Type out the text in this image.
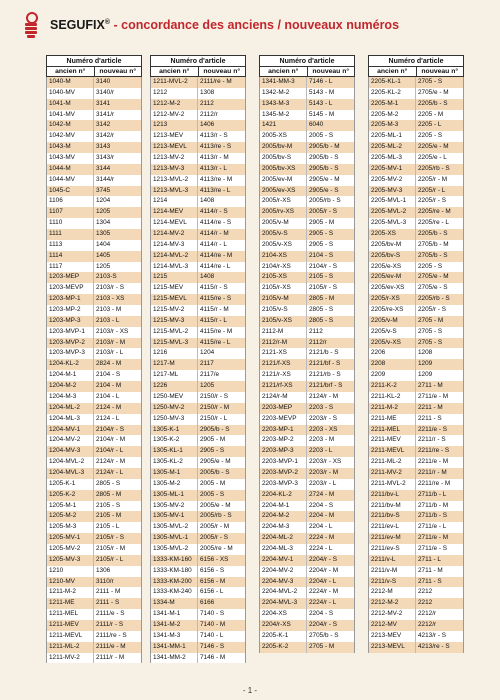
SEGUFIX® - concordance des anciens / nouveaux numéros
Numéro d'article
ancien n°	nouveau n°
1040-M	3140
1040-MV	3140/r
1041-M	3141
1041-MV	3141/r
1042-M	3142
1042-MV	3142/r
1043-M	3143
1043-MV	3143/r
1044-M	3144
1044-MV	3144/r
1045-C	3745
1106	1204
1107	1205
1110	1304
1111	1305
1113	1404
1114	1405
1117	1205
1203-MEP	2103-S
1203-MEVP	2103/r - S
1203-MP-1	2103 - XS
1203-MP-2	2103 - M
1203-MP-3	2103 - L
1203-MVP-1	2103/r - XS
1203-MVP-2	2103/r - M
1203-MVP-3	2103/r - L
1204-KL-2	2824 - M
1204-M-1	2104 - S
1204-M-2	2104 - M
1204-M-3	2104 - L
1204-ML-2	2124 - M
1204-ML-3	2124 - L
1204-MV-1	2104/r - S
1204-MV-2	2104/r - M
1204-MV-3	2104/r - L
1204-MVL-2	2124/r - M
1204-MVL-3	2124/r - L
1205-K-1	2805 - S
1205-K-2	2805 - M
1205-M-1	2105 - S
1205-M-2	2105 - M
1205-M-3	2105 - L
1205-MV-1	2105/r - S
1205-MV-2	2105/r - M
1205-MV-3	2105/r - L
1210	1306
1210-MV	3110/r
1211-M-2	2111 - M
1211-ME	2111 - S
1211-MEL	2111/e - S
1211-MEV	2111/r - S
1211-MEVL	2111/re - S
1211-ML-2	2111/e - M
1211-MV-2	2111/r - M
Numéro d'article
ancien n°	nouveau n°
1211-MVL-2	2111/re - M
1212	1308
1212-M-2	2112
1212-MV-2	2112/r
1213	1406
1213-MEV	4113/r - S
1213-MEVL	4113/re - S
1213-MV-2	4113/r - M
1213-MV-3	4113/r - L
1213-MVL-2	4113/re - M
1213-MVL-3	4113/re - L
1214	1408
1214-MEV	4114/r - S
1214-MEVL	4114/re - S
1214-MV-2	4114/r - M
1214-MV-3	4114/r - L
1214-MVL-2	4114/re - M
1214-MVL-3	4114/re - L
1215	1408
1215-MEV	4115/r - S
1215-MEVL	4115/re - S
1215-MV-2	4115/r - M
1215-MV-3	4115/r - L
1215-MVL-2	4115/re - M
1215-MVL-3	4115/re - L
1216	1204
1217-M	2117
1217-ML	2117/e
1226	1205
1250-MEV	2150/r - S
1250-MV-2	2150/r - M
1250-MV-3	2150/r - L
1305-K-1	2905/b - S
1305-K-2	2905 - M
1305-KL-1	2905 - S
1305-KL-2	2905/e - M
1305-M-1	2005/b - S
1305-M-2	2005 - M
1305-ML-1	2005 - S
1305-MV-2	2005/e - M
1305-MV-1	2005/rb - S
1305-MVL-2	2005/r - M
1305-MVL-1	2005/r - S
1305-MVL-2	2005/re - M
1333-KM-160	6156 - XS
1333-KM-180	6156 - S
1333-KM-200	6156 - M
1333-KM-240	6156 - L
1334-M	6166
1341-M-1	7140 - S
1341-M-2	7140 - M
1341-M-3	7140 - L
1341-MM-1	7146 - S
1341-MM-2	7146 - M
Numéro d'article
ancien n°	nouveau n°
1341-MM-3	7146 - L
1342-M-2	5143 - M
1343-M-3	5143 - L
1345-M-2	5145 - M
1421	6040
2005-XS	2005 - S
2005/bv-M	2905/b - M
2005/bv-S	2905/b - S
2005/bv-XS	2905/b - S
2005/ev-M	2905/e - M
2005/ev-XS	2905/e - S
2005/r-XS	2005/rb - S
2005/rv-XS	2005/r - S
2005/v-M	2905 - M
2005/v-S	2905 - S
2005/v-XS	2905 - S
2104-XS	2104 - S
2104/r-XS	2104/r - S
2105-XS	2105 - S
2105/r-XS	2105/r - S
2105/v-M	2805 - M
2105/v-S	2805 - S
2105/v-XS	2805 - S
2112-M	2112
2112/r-M	2112/r
2121-XS	2121/b - S
2121/f-XS	2121/bf - S
2121/r-XS	2121/rb - S
2121/rf-XS	2121/brf - S
2124/r-M	2124/r - M
2203-MEP	2203 - S
2203-MEVP	2203/r - S
2203-MP-1	2203 - XS
2203-MP-2	2203 - M
2203-MP-3	2203 - L
2203-MVP-1	2203/r - XS
2203-MVP-2	2203/r - M
2203-MVP-3	2203/r - L
2204-KL-2	2724 - M
2204-M-1	2204 - S
2204-M-2	2204 - M
2204-M-3	2204 - L
2204-ML-2	2224 - M
2204-ML-3	2224 - L
2204-MV-1	2204/r - S
2204-MV-2	2204/r - M
2204-MV-3	2204/r - L
2204-MVL-2	2224/r - M
2204-MVL-3	2224/r - L
2204-XS	2204 - S
2204/r-XS	2204/r - S
2205-K-1	2705/b - S
2205-K-2	2705 - M
Numéro d'article
ancien n°	nouveau n°
2205-KL-1	2705 - S
2205-KL-2	2705/e - M
2205-M-1	2205/b - S
2205-M-2	2205 - M
2205-M-3	2205 - L
2205-ML-1	2205 - S
2205-ML-2	2205/e - M
2205-ML-3	2205/e - L
2205-MV-1	2205/rb - S
2205-MV-2	2205/r - M
2205-MV-3	2205/r - L
2205-MVL-1	2205/r - S
2205-MVL-2	2205/re - M
2205-MVL-3	2205/re - L
2205-XS	2205/b - S
2205/bv-M	2705/b - M
2205/bv-S	2705/b - S
2205/e-XS	2205 - S
2205/ev-M	2705/e - M
2205/ev-XS	2705/e - S
2205/r-XS	2205/rb - S
2205/re-XS	2205/r - S
2205/v-M	2705 - M
2205/v-S	2705 - S
2205/v-XS	2705 - S
2206	1208
2208	1209
2209	1209
2211-K-2	2711 - M
2211-KL-2	2711/e - M
2211-M-2	2211 - M
2211-ME	2211 - S
2211-MEL	2211/e - S
2211-MEV	2211/r - S
2211-MEVL	2211/re - S
2211-ML-2	2211/e - M
2211-MV-2	2211/r - M
2211-MVL-2	2211/re - M
2211/bv-L	2711/b - L
2211/bv-M	2711/b - M
2211/bv-S	2711/b - S
2211/ev-L	2711/e - L
2211/ev-M	2711/e - M
2211/ev-S	2711/e - S
2211/v-L	2711 - L
2211/v-M	2711 - M
2211/v-S	2711 - S
2212-M	2212
2212-M-2	2212
2212-MV-2	2212/r
2212-MV	2212/r
2213-MEV	4213/r - S
2213-MEVL	4213/re - S
- 1 -
